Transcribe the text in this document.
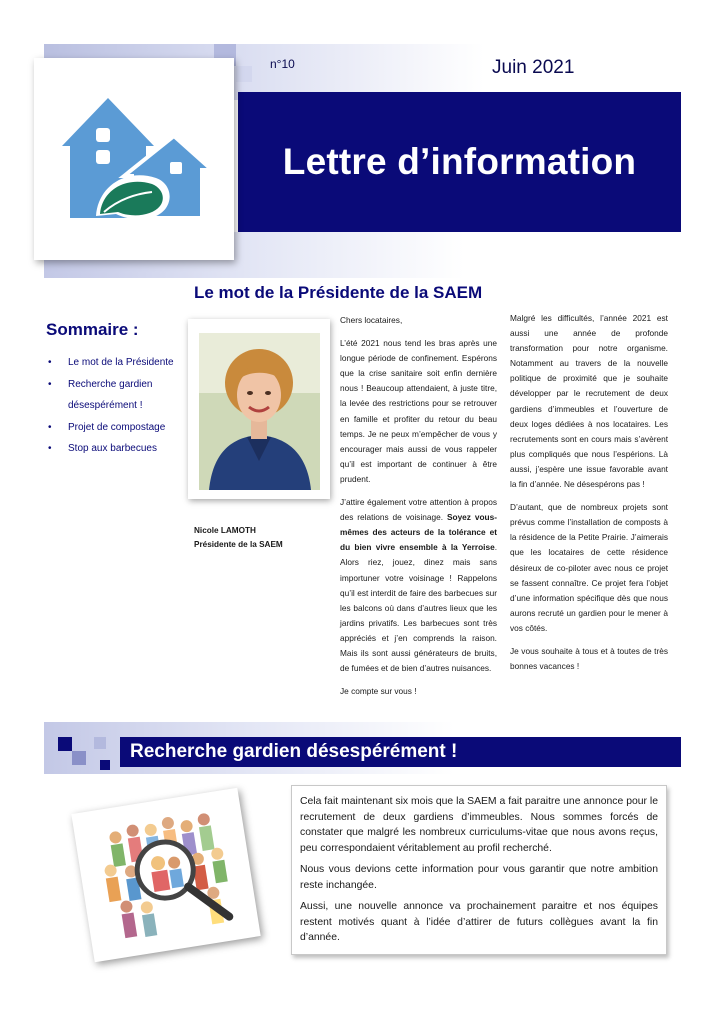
Lettre d’information
n°10	Juin 2021
Le mot de la Présidente de la SAEM
Sommaire :
• Le mot de la Présidente
• Recherche gardien désespérément !
• Projet de compostage
• Stop aux barbecues
Nicole LAMOTH
Présidente de la SAEM

Chers locataires,

L’été 2021 nous tend les bras après une longue période de confinement. Espérons que la crise sanitaire soit enfin dernière nous ! Beaucoup attendaient, à juste titre, la levée des restrictions pour se retrouver en famille et profiter du retour du beau temps. Je ne peux m’empêcher de vous y encourager mais aussi de vous rappeler qu’il est important de continuer à être prudent.

J’attire également votre attention à propos des relations de voisinage. Soyez vous-mêmes des acteurs de la tolérance et du bien vivre ensemble à la Yerroise. Alors riez, jouez, dinez mais sans importuner votre voisinage ! Rappelons qu’il est interdit de faire des barbecues sur les balcons où dans d’autres lieux que les jardins privatifs. Les barbecues sont très appréciés et j’en comprends la raison. Mais ils sont aussi générateurs de bruits, de fumées et de bien d’autres nuisances.

Je compte sur vous !

Malgré les difficultés, l’année 2021 est aussi une année de profonde transformation pour notre organisme. Notamment au travers de la nouvelle politique de proximité que je souhaite développer par le recrutement de deux gardiens d’immeubles et l’ouverture de deux loges dédiées à nos locataires. Les recrutements sont en cours mais s’avèrent plus compliqués que nous l’espérions. Là aussi, j’espère une issue favorable avant la fin d’année. Ne désespérons pas !

D’autant, que de nombreux projets sont prévus comme l’installation de composts à la résidence de la Petite Prairie. J’aimerais que les locataires de cette résidence désireux de co-piloter avec nous ce projet se fassent connaître. Ce projet fera l’objet d’une information spécifique dès que nous aurons recruté un gardien pour le mener à vos côtés.

Je vous souhaite à tous et à toutes de très bonnes vacances !

Recherche gardien désespérément !

Cela fait maintenant six mois que la SAEM a fait paraitre une annonce pour le recrutement de deux gardiens d’immeubles. Nous sommes forcés de constater que malgré les nombreux curriculums-vitae que nous avons reçus, peu correspondaient véritablement au profil recherché.

Nous vous devions cette information pour vous garantir que notre ambition reste inchangée.

Aussi, une nouvelle annonce va prochainement paraitre et nos équipes restent motivés quant à l’idée d’attirer de futurs collègues avant la fin d’année.
